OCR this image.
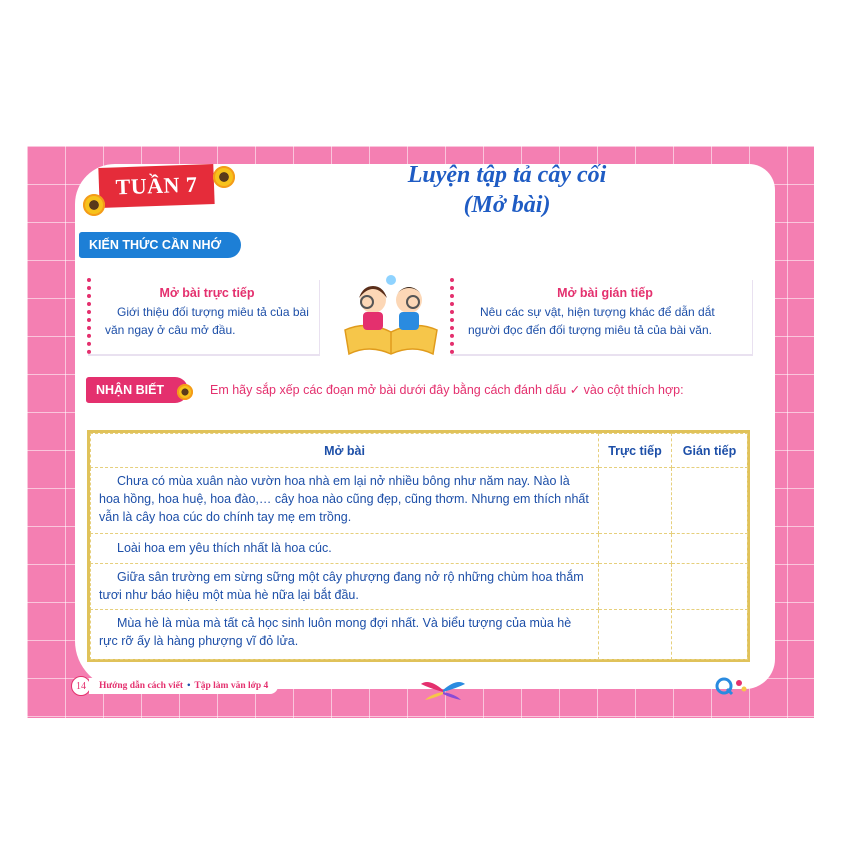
TUẦN 7	Luyện tập tả cây cối
(Mở bài)
KIẾN THỨC CẦN NHỚ
Mở bài trực tiếp
Giới thiệu đối tượng miêu tả của bài văn ngay ở câu mở đầu.
Mở bài gián tiếp
Nêu các sự vật, hiện tượng khác để dẫn dắt người đọc đến đối tượng miêu tả của bài văn.
NHẬN BIẾT	Em hãy sắp xếp các đoạn mở bài dưới đây bằng cách đánh dấu ✓ vào cột thích hợp:
Mở bài	Trực tiếp	Gián tiếp
Chưa có mùa xuân nào vườn hoa nhà em lại nở nhiều bông như năm nay. Nào là hoa hồng, hoa huệ, hoa đào,… cây hoa nào cũng đẹp, cũng thơm. Nhưng em thích nhất vẫn là cây hoa cúc do chính tay mẹ em trồng.		
Loài hoa em yêu thích nhất là hoa cúc.		
Giữa sân trường em sừng sững một cây phượng đang nở rộ những chùm hoa thắm tươi như báo hiệu một mùa hè nữa lại bắt đầu.		
Mùa hè là mùa mà tất cả học sinh luôn mong đợi nhất. Và biểu tượng của mùa hè rực rỡ ấy là hàng phượng vĩ đỏ lửa.		
14	Hướng dẫn cách viết • Tập làm văn lớp 4
